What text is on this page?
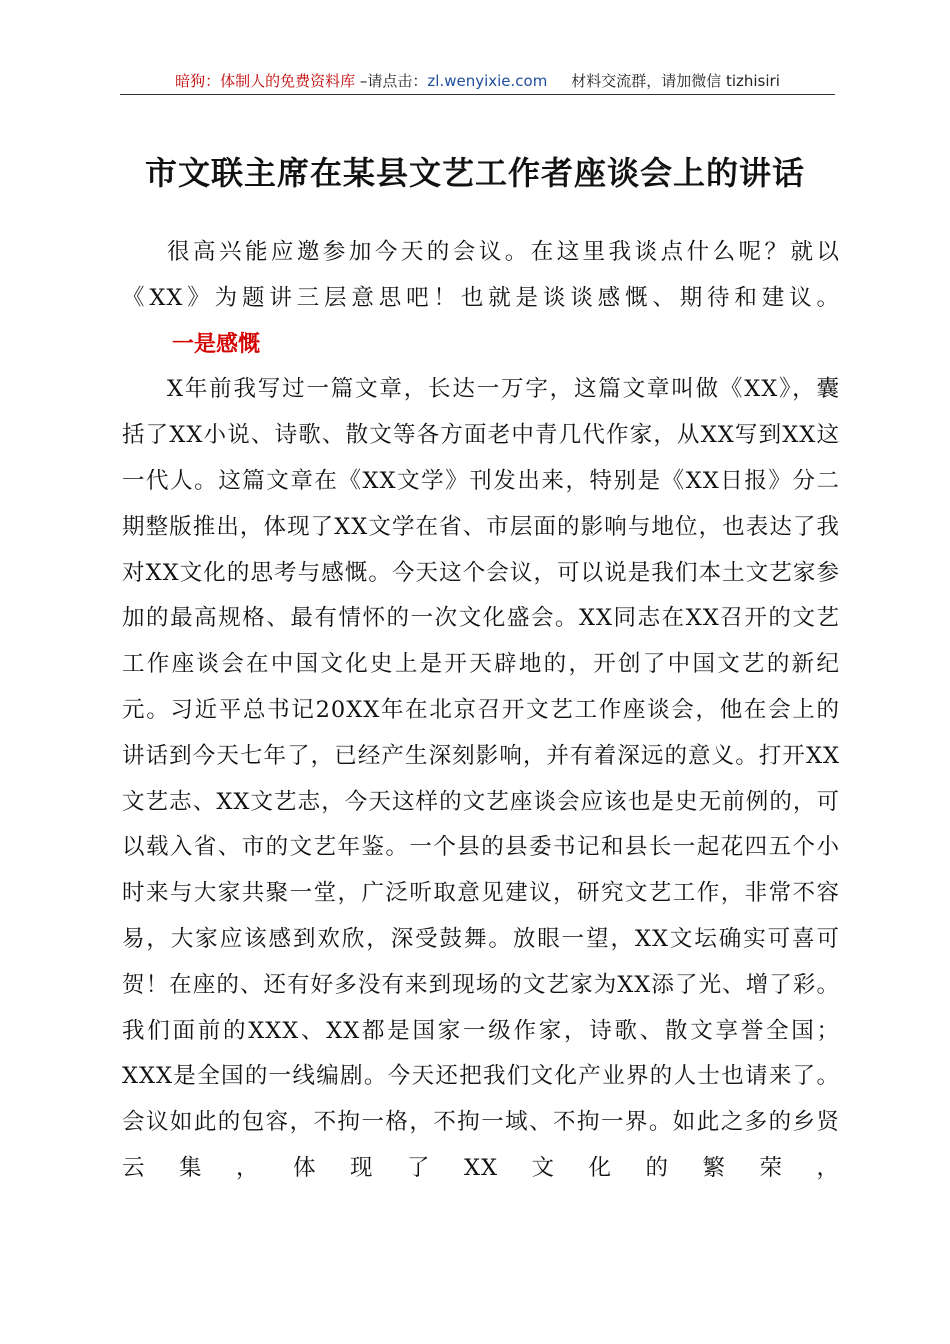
暗狗：体制人的免费资料库 –请点击：zl.wenyixie.com 材料交流群，请加微信 tizhisiri
市文联主席在某县文艺工作者座谈会上的讲话

很高兴能应邀参加今天的会议。在这里我谈点什么呢？就以《XX》为题讲三层意思吧！也就是谈谈感慨、期待和建议。

一是感慨

X年前我写过一篇文章，长达一万字，这篇文章叫做《XX》，囊括了XX小说、诗歌、散文等各方面老中青几代作家，从XX写到XX这一代人。这篇文章在《XX文学》刊发出来，特别是《XX日报》分二期整版推出，体现了XX文学在省、市层面的影响与地位，也表达了我对XX文化的思考与感慨。今天这个会议，可以说是我们本土文艺家参加的最高规格、最有情怀的一次文化盛会。XX同志在XX召开的文艺工作座谈会在中国文化史上是开天辟地的，开创了中国文艺的新纪元。习近平总书记20XX年在北京召开文艺工作座谈会，他在会上的讲话到今天七年了，已经产生深刻影响，并有着深远的意义。打开XX文艺志、XX文艺志，今天这样的文艺座谈会应该也是史无前例的，可以载入省、市的文艺年鉴。一个县的县委书记和县长一起花四五个小时来与大家共聚一堂，广泛听取意见建议，研究文艺工作，非常不容易，大家应该感到欢欣，深受鼓舞。放眼一望，XX文坛确实可喜可贺！在座的、还有好多没有来到现场的文艺家为XX添了光、增了彩。我们面前的XXX、XX都是国家一级作家，诗歌、散文享誉全国；XXX是全国的一线编剧。今天还把我们文化产业界的人士也请来了。会议如此的包容，不拘一格，不拘一域、不拘一界。如此之多的乡贤云集，体现了XX文化的繁荣，
